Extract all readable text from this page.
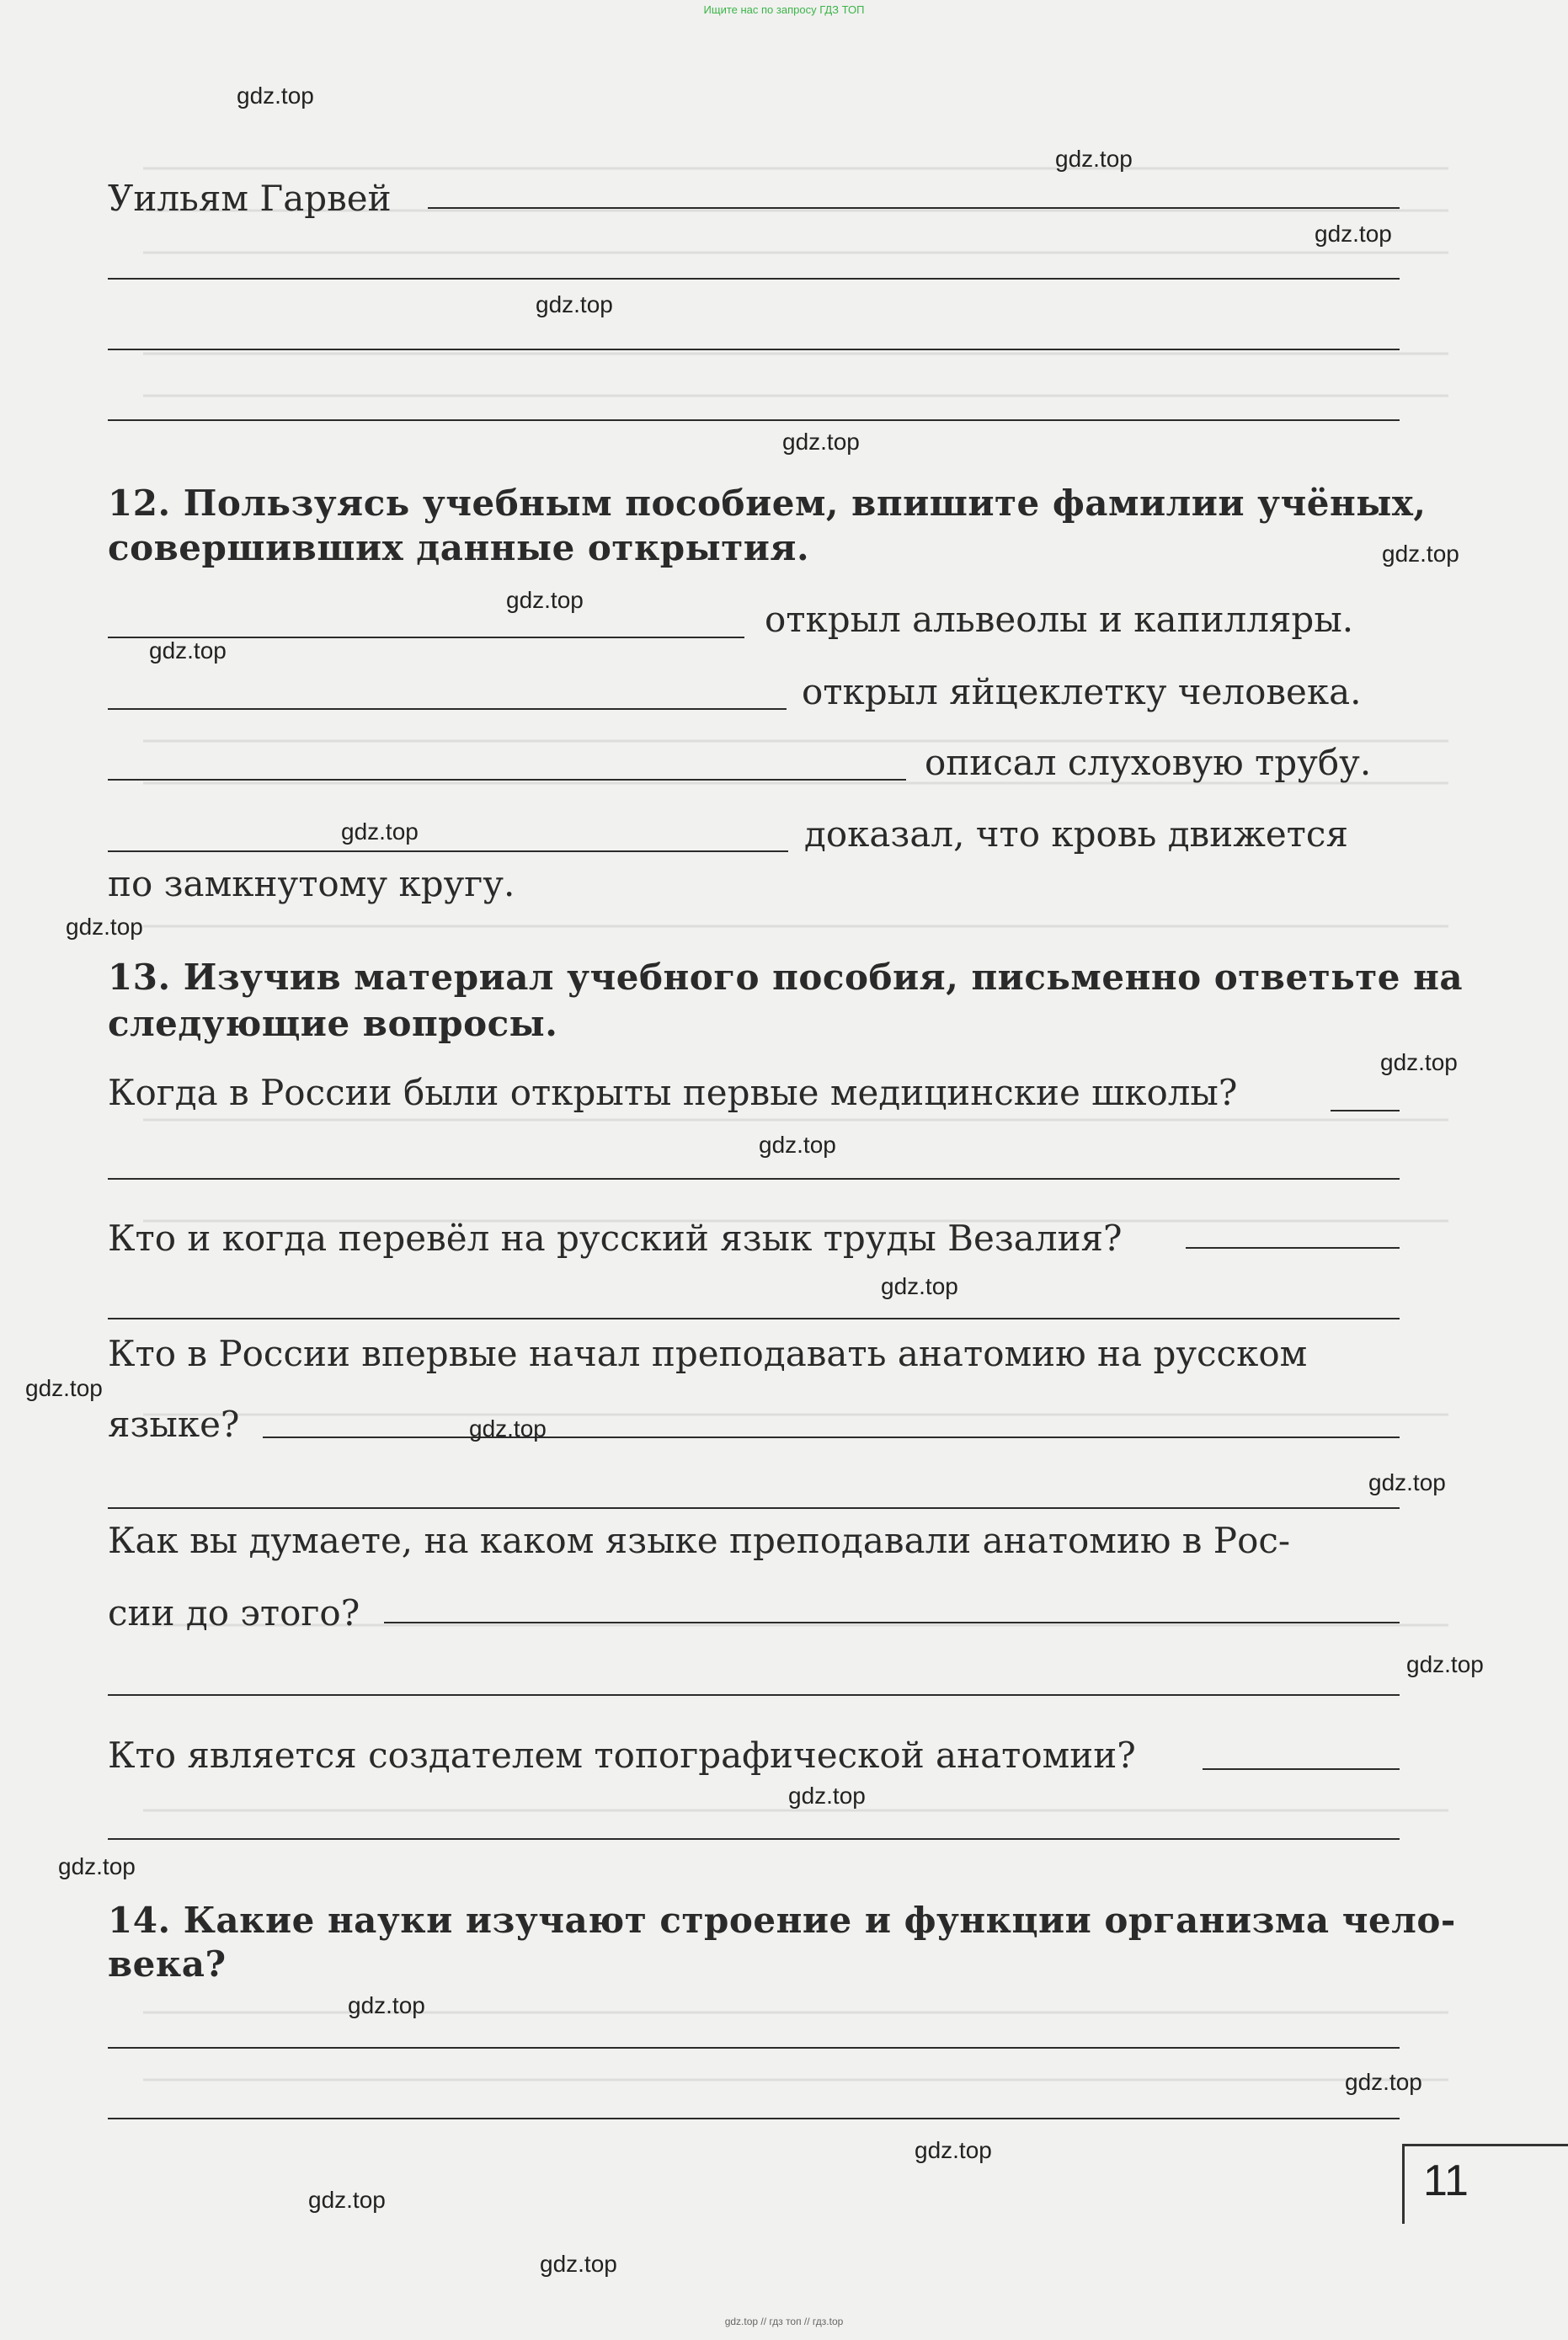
Ищите нас по запросу ГДЗ ТОП
Уильям Гарвей
12. Пользуясь учебным пособием, впишите фамилии учёных,
совершивших данные открытия.
открыл альвеолы и капилляры.
открыл яйцеклетку человека.
описал слуховую трубу.
доказал, что кровь движется
по замкнутому кругу.
13. Изучив материал учебного пособия, письменно ответьте на
следующие вопросы.
Когда в России были открыты первые медицинские школы?
Кто и когда перевёл на русский язык труды Везалия?
Кто в России впервые начал преподавать анатомию на русском
языке?
Как вы думаете, на каком языке преподавали анатомию в Рос-
сии до этого?
Кто является создателем топографической анатомии?
14. Какие науки изучают строение и функции организма чело-
века?
11
gdz.top
gdz.top
gdz.top
gdz.top
gdz.top
gdz.top
gdz.top
gdz.top
gdz.top
gdz.top
gdz.top
gdz.top
gdz.top
gdz.top
gdz.top
gdz.top
gdz.top
gdz.top
gdz.top
gdz.top
gdz.top
gdz.top
gdz.top
gdz.top
gdz.top // гдз топ // гдз.top
